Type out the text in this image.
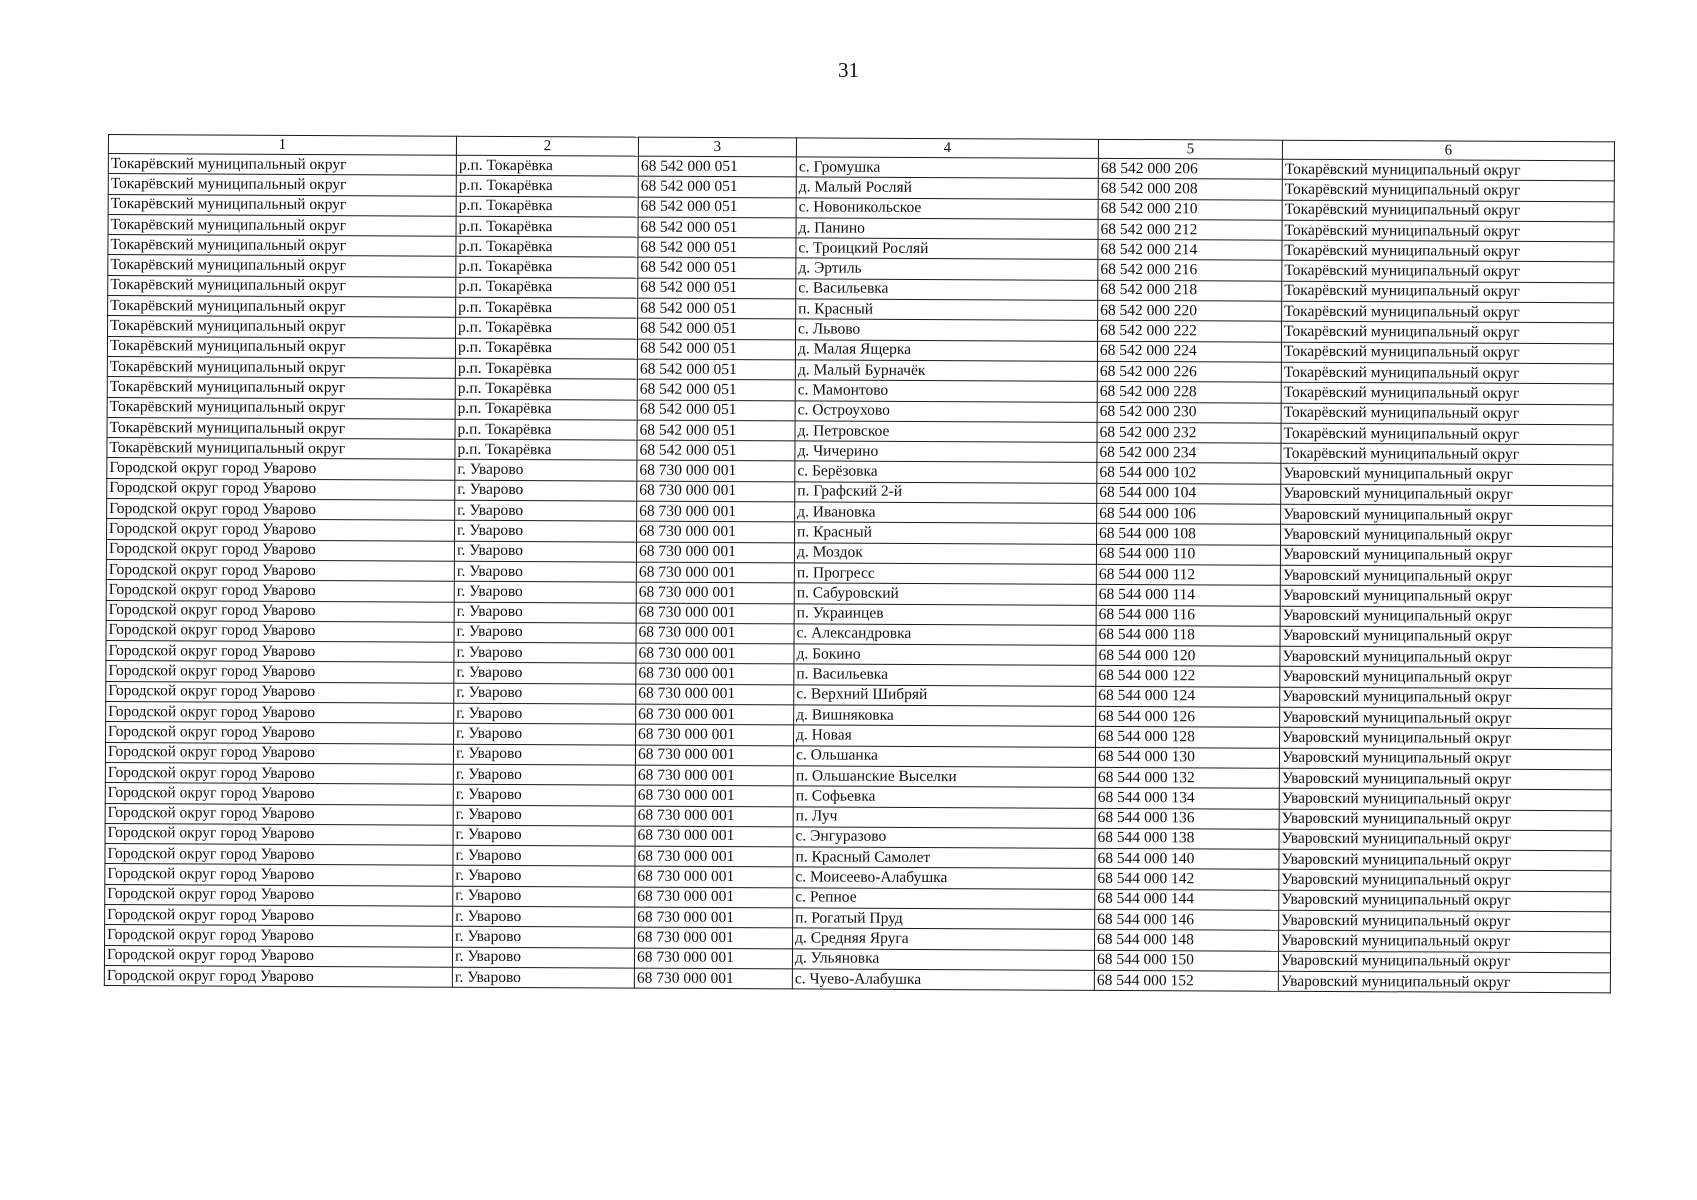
31
1	2	3	4	5	6
Токарёвский муниципальный округ	р.п. Токарёвка	68 542 000 051	с. Громушка	68 542 000 206	Токарёвский муниципальный округ
Токарёвский муниципальный округ	р.п. Токарёвка	68 542 000 051	д. Малый Росляй	68 542 000 208	Токарёвский муниципальный округ
Токарёвский муниципальный округ	р.п. Токарёвка	68 542 000 051	с. Новоникольское	68 542 000 210	Токарёвский муниципальный округ
Токарёвский муниципальный округ	р.п. Токарёвка	68 542 000 051	д. Панино	68 542 000 212	Токарёвский муниципальный округ
Токарёвский муниципальный округ	р.п. Токарёвка	68 542 000 051	с. Троицкий Росляй	68 542 000 214	Токарёвский муниципальный округ
Токарёвский муниципальный округ	р.п. Токарёвка	68 542 000 051	д. Эртиль	68 542 000 216	Токарёвский муниципальный округ
Токарёвский муниципальный округ	р.п. Токарёвка	68 542 000 051	с. Васильевка	68 542 000 218	Токарёвский муниципальный округ
Токарёвский муниципальный округ	р.п. Токарёвка	68 542 000 051	п. Красный	68 542 000 220	Токарёвский муниципальный округ
Токарёвский муниципальный округ	р.п. Токарёвка	68 542 000 051	с. Львово	68 542 000 222	Токарёвский муниципальный округ
Токарёвский муниципальный округ	р.п. Токарёвка	68 542 000 051	д. Малая Ящерка	68 542 000 224	Токарёвский муниципальный округ
Токарёвский муниципальный округ	р.п. Токарёвка	68 542 000 051	д. Малый Бурначёк	68 542 000 226	Токарёвский муниципальный округ
Токарёвский муниципальный округ	р.п. Токарёвка	68 542 000 051	с. Мамонтово	68 542 000 228	Токарёвский муниципальный округ
Токарёвский муниципальный округ	р.п. Токарёвка	68 542 000 051	с. Остроухово	68 542 000 230	Токарёвский муниципальный округ
Токарёвский муниципальный округ	р.п. Токарёвка	68 542 000 051	д. Петровское	68 542 000 232	Токарёвский муниципальный округ
Токарёвский муниципальный округ	р.п. Токарёвка	68 542 000 051	д. Чичерино	68 542 000 234	Токарёвский муниципальный округ
Городской округ город Уварово	г. Уварово	68 730 000 001	с. Берёзовка	68 544 000 102	Уваровский муниципальный округ
Городской округ город Уварово	г. Уварово	68 730 000 001	п. Графский 2-й	68 544 000 104	Уваровский муниципальный округ
Городской округ город Уварово	г. Уварово	68 730 000 001	д. Ивановка	68 544 000 106	Уваровский муниципальный округ
Городской округ город Уварово	г. Уварово	68 730 000 001	п. Красный	68 544 000 108	Уваровский муниципальный округ
Городской округ город Уварово	г. Уварово	68 730 000 001	д. Моздок	68 544 000 110	Уваровский муниципальный округ
Городской округ город Уварово	г. Уварово	68 730 000 001	п. Прогресс	68 544 000 112	Уваровский муниципальный округ
Городской округ город Уварово	г. Уварово	68 730 000 001	п. Сабуровский	68 544 000 114	Уваровский муниципальный округ
Городской округ город Уварово	г. Уварово	68 730 000 001	п. Украинцев	68 544 000 116	Уваровский муниципальный округ
Городской округ город Уварово	г. Уварово	68 730 000 001	с. Александровка	68 544 000 118	Уваровский муниципальный округ
Городской округ город Уварово	г. Уварово	68 730 000 001	д. Бокино	68 544 000 120	Уваровский муниципальный округ
Городской округ город Уварово	г. Уварово	68 730 000 001	п. Васильевка	68 544 000 122	Уваровский муниципальный округ
Городской округ город Уварово	г. Уварово	68 730 000 001	с. Верхний Шибряй	68 544 000 124	Уваровский муниципальный округ
Городской округ город Уварово	г. Уварово	68 730 000 001	д. Вишняковка	68 544 000 126	Уваровский муниципальный округ
Городской округ город Уварово	г. Уварово	68 730 000 001	д. Новая	68 544 000 128	Уваровский муниципальный округ
Городской округ город Уварово	г. Уварово	68 730 000 001	с. Ольшанка	68 544 000 130	Уваровский муниципальный округ
Городской округ город Уварово	г. Уварово	68 730 000 001	п. Ольшанские Выселки	68 544 000 132	Уваровский муниципальный округ
Городской округ город Уварово	г. Уварово	68 730 000 001	п. Софьевка	68 544 000 134	Уваровский муниципальный округ
Городской округ город Уварово	г. Уварово	68 730 000 001	п. Луч	68 544 000 136	Уваровский муниципальный округ
Городской округ город Уварово	г. Уварово	68 730 000 001	с. Энгуразово	68 544 000 138	Уваровский муниципальный округ
Городской округ город Уварово	г. Уварово	68 730 000 001	п. Красный Самолет	68 544 000 140	Уваровский муниципальный округ
Городской округ город Уварово	г. Уварово	68 730 000 001	с. Моисеево-Алабушка	68 544 000 142	Уваровский муниципальный округ
Городской округ город Уварово	г. Уварово	68 730 000 001	с. Репное	68 544 000 144	Уваровский муниципальный округ
Городской округ город Уварово	г. Уварово	68 730 000 001	п. Рогатый Пруд	68 544 000 146	Уваровский муниципальный округ
Городской округ город Уварово	г. Уварово	68 730 000 001	д. Средняя Яруга	68 544 000 148	Уваровский муниципальный округ
Городской округ город Уварово	г. Уварово	68 730 000 001	д. Ульяновка	68 544 000 150	Уваровский муниципальный округ
Городской округ город Уварово	г. Уварово	68 730 000 001	с. Чуево-Алабушка	68 544 000 152	Уваровский муниципальный округ
